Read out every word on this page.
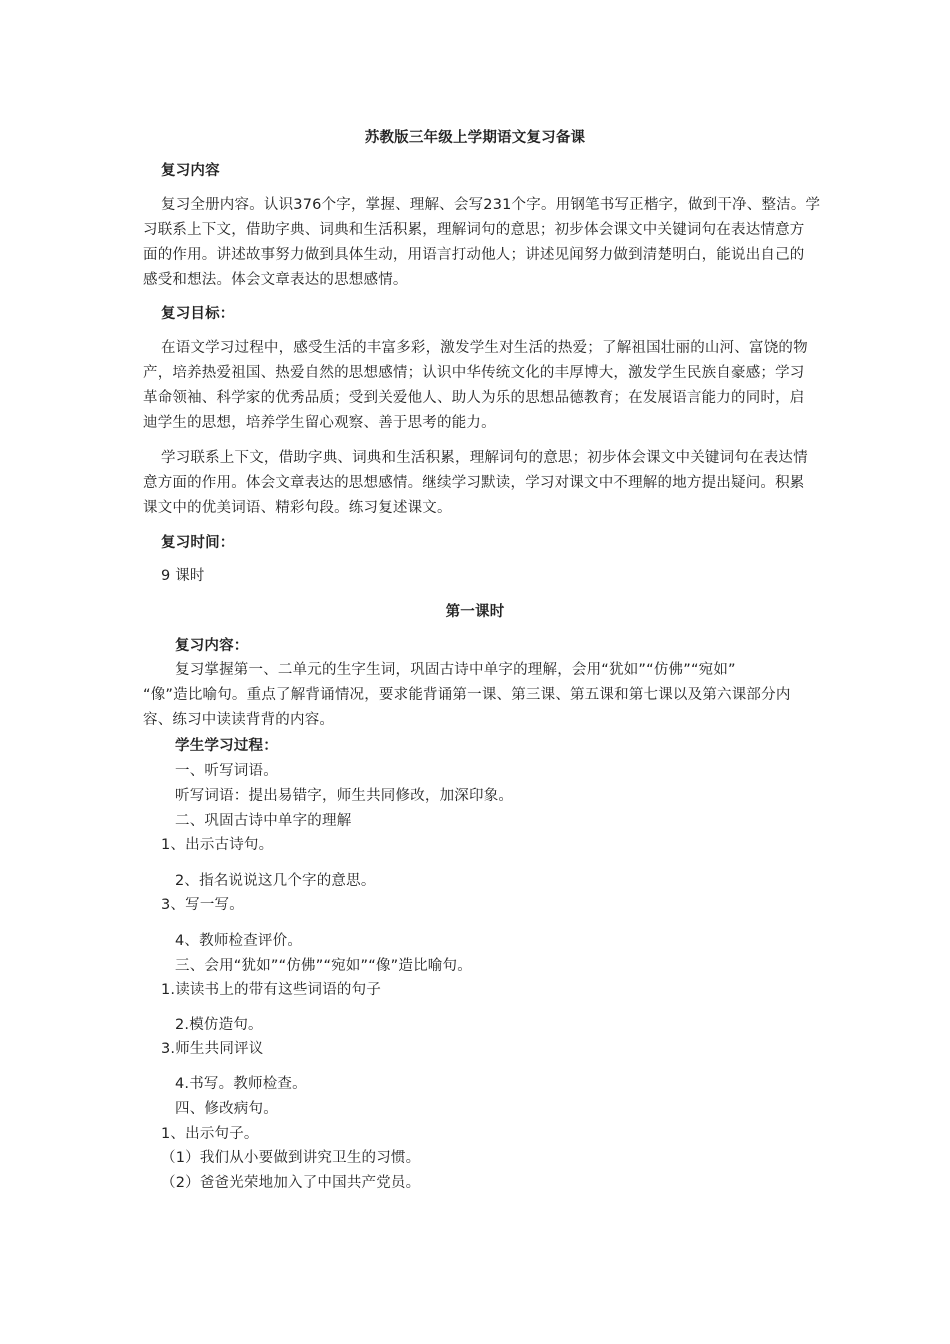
苏教版三年级上学期语文复习备课
复习内容
复习全册内容。认识376个字，掌握、理解、会写231个字。用钢笔书写正楷字，做到干净、整洁。学
习联系上下文，借助字典、词典和生活积累，理解词句的意思；初步体会课文中关键词句在表达情意方
面的作用。讲述故事努力做到具体生动，用语言打动他人；讲述见闻努力做到清楚明白，能说出自己的
感受和想法。体会文章表达的思想感情。
复习目标：
在语文学习过程中，感受生活的丰富多彩，激发学生对生活的热爱；了解祖国壮丽的山河、富饶的物
产，培养热爱祖国、热爱自然的思想感情；认识中华传统文化的丰厚博大，激发学生民族自豪感；学习
革命领袖、科学家的优秀品质；受到关爱他人、助人为乐的思想品德教育；在发展语言能力的同时，启
迪学生的思想，培养学生留心观察、善于思考的能力。
学习联系上下文，借助字典、词典和生活积累，理解词句的意思；初步体会课文中关键词句在表达情
意方面的作用。体会文章表达的思想感情。继续学习默读，学习对课文中不理解的地方提出疑问。积累
课文中的优美词语、精彩句段。练习复述课文。
复习时间：
9 课时
第一课时
复习内容：
复习掌握第一、二单元的生字生词，巩固古诗中单字的理解，会用“犹如”“仿佛”“宛如”
“像”造比喻句。重点了解背诵情况，要求能背诵第一课、第三课、第五课和第七课以及第六课部分内
容、练习中读读背背的内容。
学生学习过程：
一、听写词语。
听写词语：提出易错字，师生共同修改，加深印象。
二、巩固古诗中单字的理解
1、出示古诗句。
2、指名说说这几个字的意思。
3、写一写。
4、教师检查评价。
三、会用“犹如”“仿佛”“宛如”“像”造比喻句。
1.读读书上的带有这些词语的句子
2.模仿造句。
3.师生共同评议
4.书写。教师检查。
四、修改病句。
1、出示句子。
（1）我们从小要做到讲究卫生的习惯。
（2）爸爸光荣地加入了中国共产党员。
